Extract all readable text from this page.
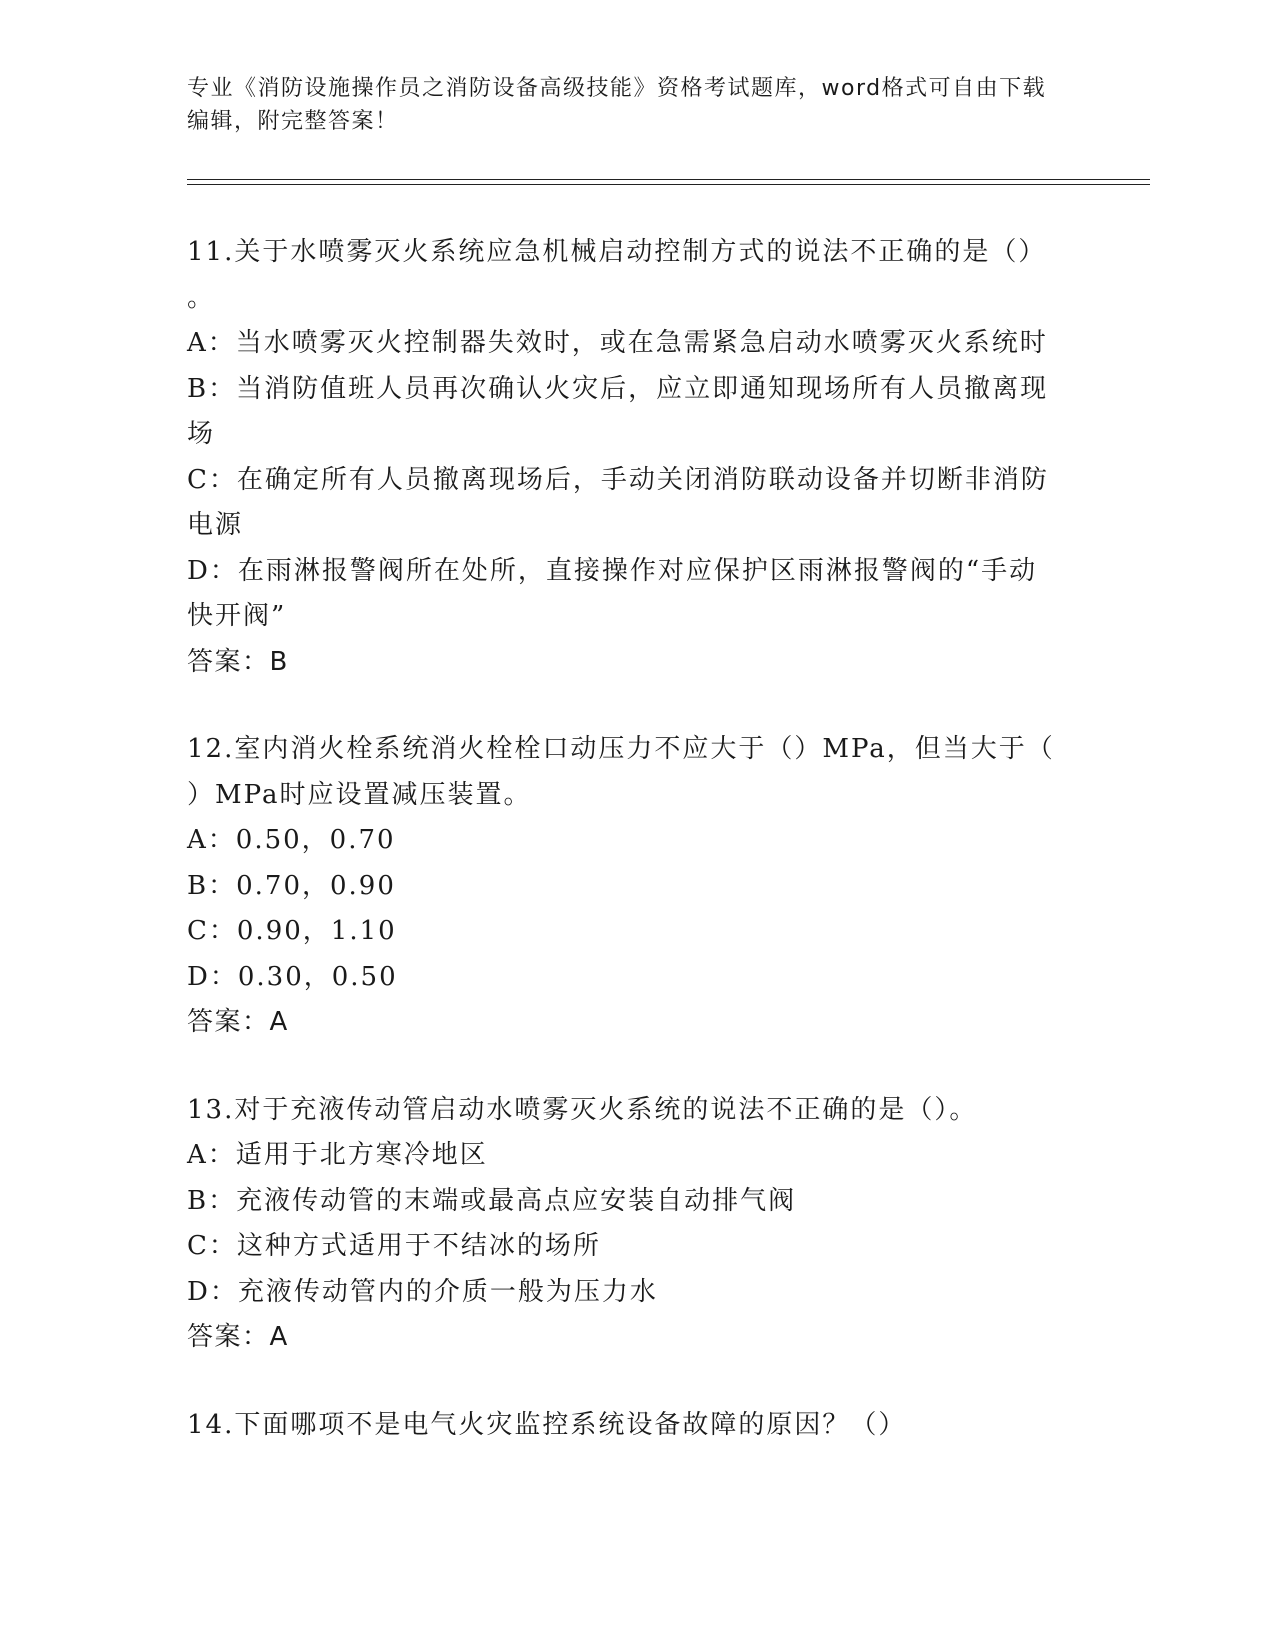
专业《消防设施操作员之消防设备高级技能》资格考试题库，word格式可自由下载编辑，附完整答案！
11.关于水喷雾灭火系统应急机械启动控制方式的说法不正确的是（）
。
A：当水喷雾灭火控制器失效时，或在急需紧急启动水喷雾灭火系统时
B：当消防值班人员再次确认火灾后，应立即通知现场所有人员撤离现
场
C：在确定所有人员撤离现场后，手动关闭消防联动设备并切断非消防
电源
D：在雨淋报警阀所在处所，直接操作对应保护区雨淋报警阀的“手动
快开阀”
答案：B
12.室内消火栓系统消火栓栓口动压力不应大于（）MPa，但当大于（
）MPa时应设置减压装置。
A：0.50，0.70
B：0.70，0.90
C：0.90，1.10
D：0.30，0.50
答案：A
13.对于充液传动管启动水喷雾灭火系统的说法不正确的是（）。
A：适用于北方寒冷地区
B：充液传动管的末端或最高点应安装自动排气阀
C：这种方式适用于不结冰的场所
D：充液传动管内的介质一般为压力水
答案：A
14.下面哪项不是电气火灾监控系统设备故障的原因？（）
